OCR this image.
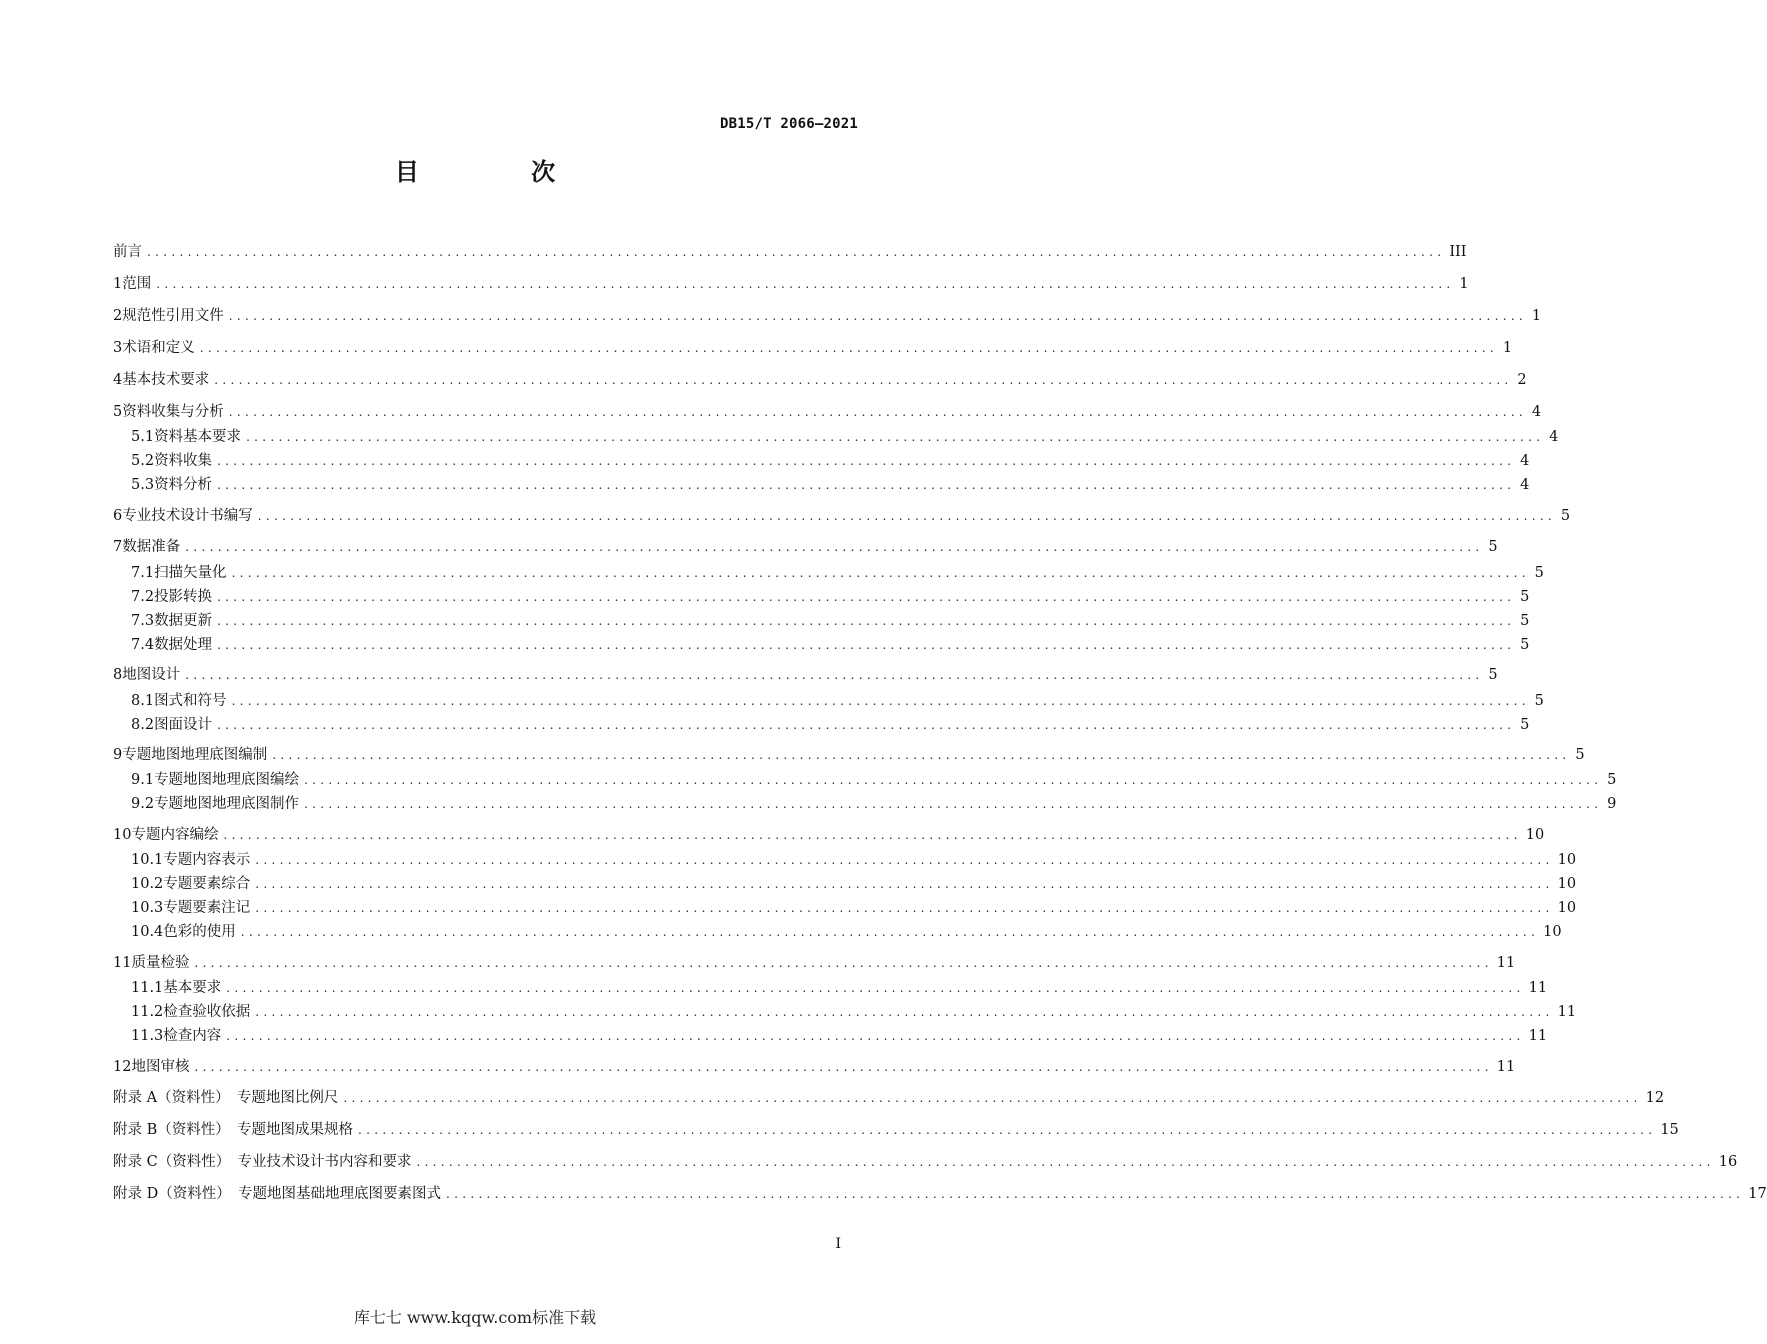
DB15/T 2066—2021
目 次
前言 ................................................................................................................................................................ III
1 范围 ................................................................................................................................................................ 1
2 规范性引用文件 ................................................................................................................................................................ 1
3 术语和定义 ................................................................................................................................................................ 1
4 基本技术要求 ................................................................................................................................................................ 2
5 资料收集与分析 ................................................................................................................................................................ 4
5.1 资料基本要求 ................................................................................................................................................................ 4
5.2 资料收集 ................................................................................................................................................................ 4
5.3 资料分析 ................................................................................................................................................................ 4
6 专业技术设计书编写 ................................................................................................................................................................ 5
7 数据准备 ................................................................................................................................................................ 5
7.1 扫描矢量化 ................................................................................................................................................................ 5
7.2 投影转换 ................................................................................................................................................................ 5
7.3 数据更新 ................................................................................................................................................................ 5
7.4 数据处理 ................................................................................................................................................................ 5
8 地图设计 ................................................................................................................................................................ 5
8.1 图式和符号 ................................................................................................................................................................ 5
8.2 图面设计 ................................................................................................................................................................ 5
9 专题地图地理底图编制 ................................................................................................................................................................ 5
9.1 专题地图地理底图编绘 ................................................................................................................................................................ 5
9.2 专题地图地理底图制作 ................................................................................................................................................................ 9
10 专题内容编绘 ................................................................................................................................................................ 10
10.1 专题内容表示 ................................................................................................................................................................ 10
10.2 专题要素综合 ................................................................................................................................................................ 10
10.3 专题要素注记 ................................................................................................................................................................ 10
10.4 色彩的使用 ................................................................................................................................................................ 10
11 质量检验 ................................................................................................................................................................ 11
11.1 基本要求 ................................................................................................................................................................ 11
11.2 检查验收依据 ................................................................................................................................................................ 11
11.3 检查内容 ................................................................................................................................................................ 11
12 地图审核 ................................................................................................................................................................ 11
附录 A（资料性）　专题地图比例尺 ................................................................................................................................................................ 12
附录 B（资料性）　专题地图成果规格 ................................................................................................................................................................ 15
附录 C（资料性）　专业技术设计书内容和要求 ................................................................................................................................................................ 16
附录 D（资料性）　专题地图基础地理底图要素图式 ................................................................................................................................................................ 17
I
库七七 www.kqqw.com标准下载
